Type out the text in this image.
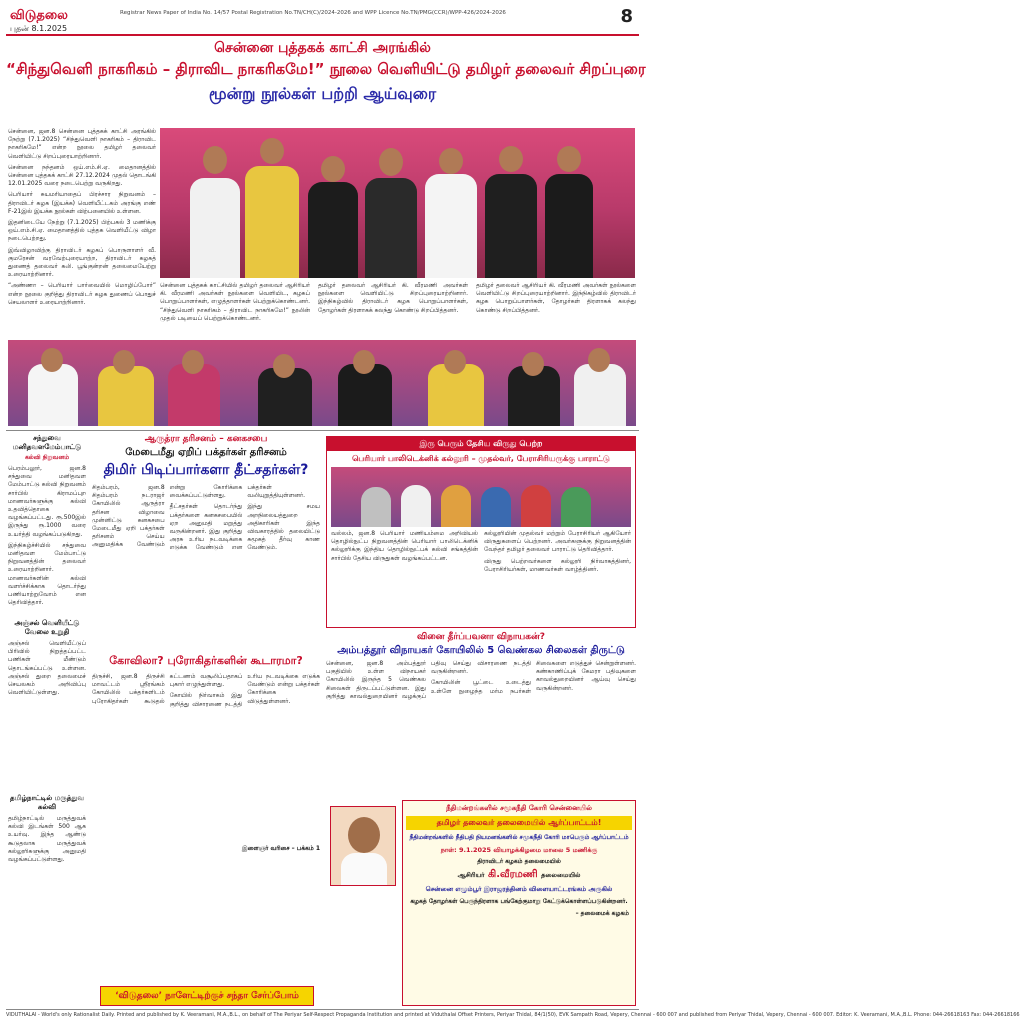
விடுதலை
புதன் 8.1.2025
Registrar News Paper of India No. 14/57 Postal Registration No.TN/CH(C)/2024-2026 and WPP Licence No.TN/PMG(CCR)/WPP-426/2024-2026	8
சென்னை புத்தகக் காட்சி அரங்கில்
“சிந்துவெளி நாகரிகம் – திராவிட நாகரிகமே!” நூலை வெளியிட்டு தமிழர் தலைவர் சிறப்புரை
மூன்று நூல்கள் பற்றி ஆய்வுரை

சென்னை, ஜன.8 சென்னை புத்தகக் காட்சி அரங்கில் நேற்று (7.1.2025) “சிந்துவெளி நாகரிகம் – திராவிட நாகரிகமே!” என்ற நூலை தமிழர் தலைவர் வெளியிட்டு சிறப்புரையாற்றினார்.

சென்னை நந்தனம் ஒய்.எம்.சி.ஏ. மைதானத்தில் சென்னை புத்தகக் காட்சி 27.12.2024 முதல் தொடங்கி 12.01.2025 வரை நடைபெற்று வருகிறது.

பெரியார் சுயமரியாதைப் பிரச்சார நிறுவனம் – திராவிடர் கழக (இயக்க) வெளியீட்டகம் அரங்கு எண் F-21இல் இயக்க நூல்கள் விற்பனையில் உள்ளன.

இதனிடையே நேற்று (7.1.2025) பிற்பகல் 3 மணிக்கு ஒய்.எம்.சி.ஏ. மைதானத்தில் புத்தக வெளியீட்டு விழா நடைபெற்றது.

இவ்விழாவிற்கு திராவிடர் கழகப் பொருளாளர் வீ. குமரேசன் வரவேற்புரையாற்ற, திராவிடர் கழகத் துணைத் தலைவர் கலி. பூங்குன்றன் தலைமையேற்று உரையாற்றினார்.

“அண்ணா – பெரியார் பார்வையில் மொழிப்போர்” என்ற நூலை குறித்து திராவிடர் கழக துணைப் பொதுச் செயலாளர் உரையாற்றினார்.

சென்னை புத்தகக் காட்சியில் தமிழர் தலைவர் ஆசிரியர் கி. வீரமணி அவர்கள் நூல்களை வெளியிட, கழகப் பொறுப்பாளர்கள், எழுத்தாளர்கள் பெற்றுக்கொண்டனர். “சிந்துவெளி நாகரிகம் – திராவிட நாகரிகமே!” நூலின் முதல் படியைப் பெற்றுக்கொண்டனர்.

தமிழர் தலைவர் ஆசிரியர் கி. வீரமணி அவர்கள் நூல்களை வெளியிட்டு சிறப்புரையாற்றினார். இந்நிகழ்வில் திராவிடர் கழக பொறுப்பாளர்கள், தோழர்கள் திரளாகக் கலந்து கொண்டு சிறப்பித்தனர்.

தமிழர் தலைவர் ஆசிரியர் கி. வீரமணி அவர்கள் நூல்களை வெளியிட்டு சிறப்புரையாற்றினார். இந்நிகழ்வில் திராவிடர் கழக பொறுப்பாளர்கள், தோழர்கள் திரளாகக் கலந்து கொண்டு சிறப்பித்தனர்.

சந்துவை மனிதவளமேம்பாட்டு
கல்வி நிறுவனம்

பெரம்பலூர், ஜன.8 சந்துவை மனிதவள மேம்பாட்டு கல்வி நிறுவனம் சார்பில் கிராமப்புற மாணவர்களுக்கு கல்வி உதவித்தொகை வழங்கப்பட்டது. ரூ.500இல் இருந்து ரூ.1000 வரை உயர்த்தி வழங்கப்படுகிறது.

இந்நிகழ்ச்சியில் சந்துவை மனிதவள மேம்பாட்டு நிறுவனத்தின் தலைவர் உரையாற்றினார். மாணவர்களின் கல்வி வளர்ச்சிக்காக தொடர்ந்து பணியாற்றுவோம் என தெரிவித்தார்.

அஞ்சல் வெளியீட்டு வேலை உறுதி

அஞ்சல் வெளியீட்டுப் பிரிவில் நிறுத்தப்பட்ட பணிகள் மீண்டும் தொடங்கப்பட்டு உள்ளன. அஞ்சல் துறை தலைமைச் செயலகம் அறிவிப்பு வெளியிட்டுள்ளது.

தமிழ்நாட்டில் மருத்துவ கல்வி

தமிழ்நாட்டில் மருத்துவக் கல்வி இடங்கள் 500 ஆக உயர்வு. இந்த ஆண்டு கூடுதலாக மருத்துவக் கல்லூரிகளுக்கு அனுமதி வழங்கப்பட்டுள்ளது.

ஆருத்ரா தரிசனம் – கனகசபை
மேடைமீது ஏறிப் பக்தர்கள் தரிசனம்
திமிர் பிடிப்பார்களா தீட்சதர்கள்?

சிதம்பரம், ஜன.8 சிதம்பரம் நடராஜர் கோயிலில் ஆருத்ரா தரிசன விழாவை முன்னிட்டு கனகசபை மேடைமீது ஏறி பக்தர்கள் தரிசனம் செய்ய அனுமதிக்க வேண்டும் என்று கோரிக்கை வைக்கப்பட்டுள்ளது.

தீட்சதர்கள் தொடர்ந்து பக்தர்களை கனகசபையில் ஏற அனுமதி மறுத்து வருகின்றனர். இது குறித்து அரசு உரிய நடவடிக்கை எடுக்க வேண்டும் என பக்தர்கள் வலியுறுத்தியுள்ளனர்.

இந்து சமய அறநிலையத்துறை அதிகாரிகள் இந்த விவகாரத்தில் தலையிட்டு சுமூகத் தீர்வு காண வேண்டும்.

கோவிலா? புரோகிதர்களின் கூடாரமா?

திருச்சி, ஜன.8 திருச்சி மாவட்டம் ஸ்ரீரங்கம் கோயிலில் பக்தர்களிடம் புரோகிதர்கள் கூடுதல் கட்டணம் வசூலிப்பதாகப் புகார் எழுந்துள்ளது.

கோயில் நிர்வாகம் இது குறித்து விசாரணை நடத்தி உரிய நடவடிக்கை எடுக்க வேண்டும் என்று பக்தர்கள் கோரிக்கை விடுத்துள்ளனர்.

இளைஞர் வரிசை – பக்கம் 1
‘விடுதலை’ நாளேட்டிற்குச் சந்தா சேர்ப்போம்
இரு பெரும் தேசிய விருது பெற்ற
பெரியார் பாலிடெக்னிக் கல்லூரி – முதல்வர், பேராசிரியருக்கு பாராட்டு

வல்லம், ஜன.8 பெரியார் மணியம்மை அறிவியல் தொழில்நுட்ப நிறுவனத்தின் பெரியார் பாலிடெக்னிக் கல்லூரிக்கு இந்திய தொழில்நுட்பக் கல்வி சங்கத்தின் சார்பில் தேசிய விருதுகள் வழங்கப்பட்டன.

கல்லூரியின் முதல்வர் மற்றும் பேராசிரியர் ஆகியோர் விருதுகளைப் பெற்றனர். அவர்களுக்கு நிறுவனத்தின் வேந்தர் தமிழர் தலைவர் பாராட்டு தெரிவித்தார்.

விருது பெற்றவர்களை கல்லூரி நிர்வாகத்தினர், பேராசிரியர்கள், மாணவர்கள் வாழ்த்தினர்.

வினை தீர்ப்பவனா விநாயகன்?
அம்பத்தூர் விநாயகர் கோயிலில் 5 வெண்கல சிலைகள் திருட்டு

சென்னை, ஜன.8 அம்பத்தூர் பகுதியில் உள்ள விநாயகர் கோயிலில் இருந்த 5 வெண்கல சிலைகள் திருடப்பட்டுள்ளன. இது குறித்து காவல்துறையினர் வழக்குப் பதிவு செய்து விசாரணை நடத்தி வருகின்றனர்.

கோயிலின் பூட்டை உடைத்து உள்ளே நுழைந்த மர்ம நபர்கள் சிலைகளை எடுத்துச் சென்றுள்ளனர். கண்காணிப்புக் கேமரா பதிவுகளை காவல்துறையினர் ஆய்வு செய்து வருகின்றனர்.

நீதிமன்றங்களில் சமூகநீதி கோரி சென்னையில்
தமிழர் தலைவர் தலைமையில் ஆர்ப்பாட்டம்!
நீதிமன்றங்களில் நீதிபதி நியமனங்களில் சமூகநீதி கோரி மாபெரும் ஆர்ப்பாட்டம்
நாள்: 9.1.2025 வியாழக்கிழமை மாலை 5 மணிக்கு
திராவிடர் கழகம் தலைமையில்
ஆசிரியர் கி.வீரமணி தலைமையில்
சென்னை எழும்பூர் இராஜரத்தினம் விளையாட்டரங்கம் அருகில்
கழகத் தோழர்கள் பெருந்திரளாக பங்கேற்குமாறு கேட்டுக்கொள்ளப்படுகின்றனர்.
– தலைமைக் கழகம்
VIDUTHALAI - World's only Rationalist Daily. Printed and published by K. Veeramani, M.A.,B.L., on behalf of The Periyar Self-Respect Propaganda Institution and printed at Viduthalai Offset Printers, Periyar Thidal, 84/1(50), EVK Sampath Road, Vepery, Chennai - 600 007 and published from Periyar Thidal, Vepery, Chennai - 600 007. Editor: K. Veeramani, M.A.,B.L. Phone: 044-26618163 Fax: 044-26618166
